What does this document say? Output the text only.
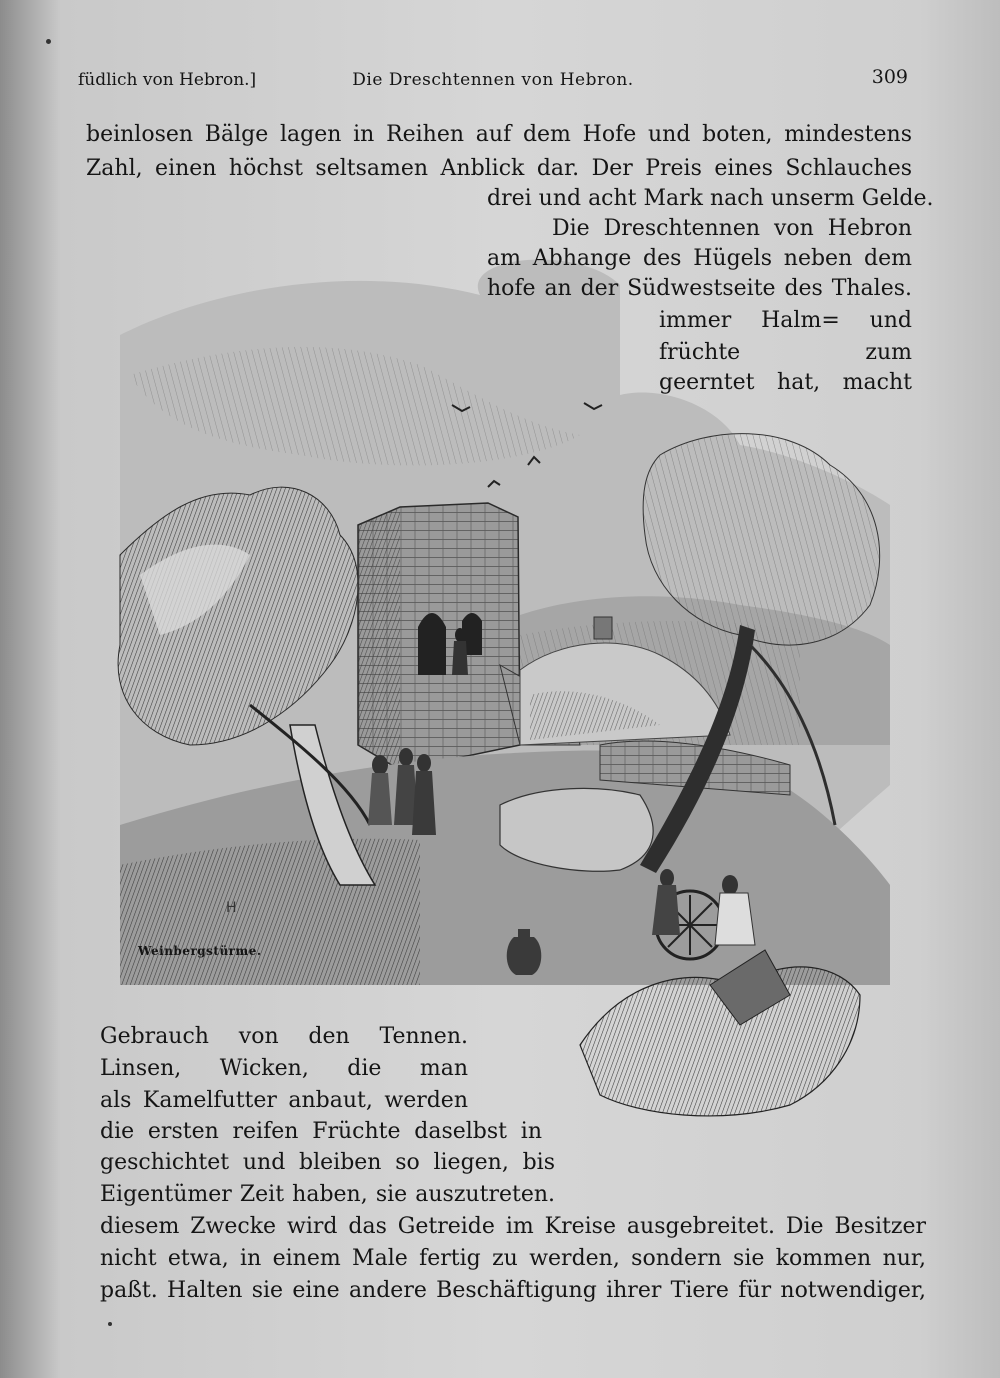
füdlich von Hebron.]	Die Dreschtennen von Hebron.	309
Weinbergstürme.
H
beinlosen Bälge lagen in Reihen auf dem Hofe und boten, mindestens
Zahl, einen höchst seltsamen Anblick dar. Der Preis eines Schlauches
drei und acht Mark nach unserm Gelde.
Die Dreschtennen von Hebron
am Abhange des Hügels neben dem
hofe an der Südwestseite des Thales.
immer Halm= und
früchte zum
geerntet hat, macht
Gebrauch von den Tennen.
Linsen, Wicken, die man
als Kamelfutter anbaut, werden
die ersten reifen Früchte daselbst in
geschichtet und bleiben so liegen, bis
Eigentümer Zeit haben, sie auszutreten.
diesem Zwecke wird das Getreide im Kreise ausgebreitet. Die Besitzer
nicht etwa, in einem Male fertig zu werden, sondern sie kommen nur,
paßt. Halten sie eine andere Beschäftigung ihrer Tiere für notwendiger,
